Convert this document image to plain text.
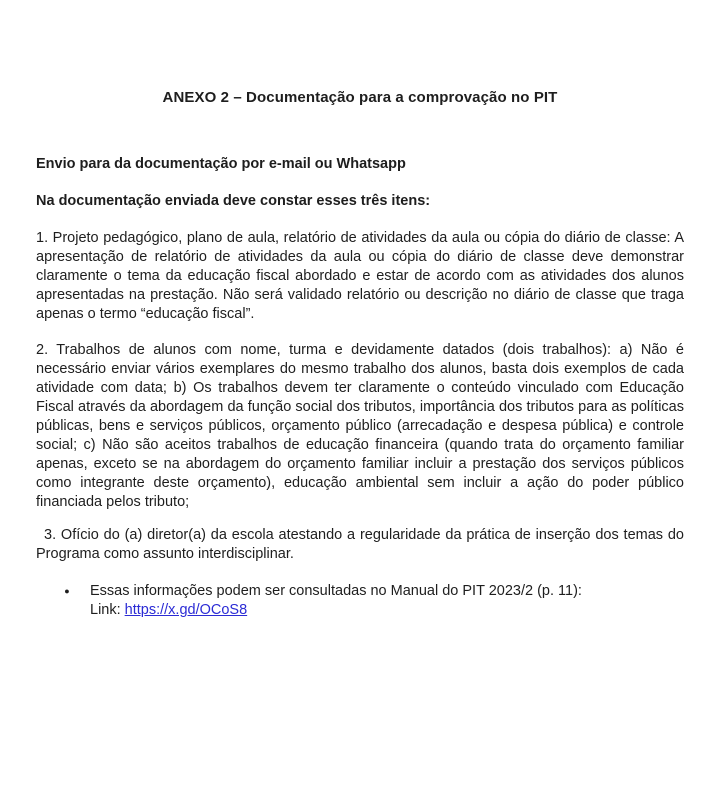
ANEXO 2 – Documentação para a comprovação no PIT

Envio para da documentação por e-mail ou Whatsapp

Na documentação enviada deve constar esses três itens:

1. Projeto pedagógico, plano de aula, relatório de atividades da aula ou cópia do diário de classe: A apresentação de relatório de atividades da aula ou cópia do diário de classe deve demonstrar claramente o tema da educação fiscal abordado e estar de acordo com as atividades dos alunos apresentadas na prestação. Não será validado relatório ou descrição no diário de classe que traga apenas o termo “educação fiscal”.

2. Trabalhos de alunos com nome, turma e devidamente datados (dois trabalhos): a) Não é necessário enviar vários exemplares do mesmo trabalho dos alunos, basta dois exemplos de cada atividade com data; b) Os trabalhos devem ter claramente o conteúdo vinculado com Educação Fiscal através da abordagem da função social dos tributos, importância dos tributos para as políticas públicas, bens e serviços públicos, orçamento público (arrecadação e despesa pública) e controle social; c) Não são aceitos trabalhos de educação financeira (quando trata do orçamento familiar apenas, exceto se na abordagem do orçamento familiar incluir a prestação dos serviços públicos como integrante deste orçamento), educação ambiental sem incluir a ação do poder público financiada pelos tributo;

3. Ofício do (a) diretor(a) da escola atestando a regularidade da prática de inserção dos temas do Programa como assunto interdisciplinar.

● Essas informações podem ser consultadas no Manual do PIT 2023/2 (p. 11):
Link: https://x.gd/OCoS8
